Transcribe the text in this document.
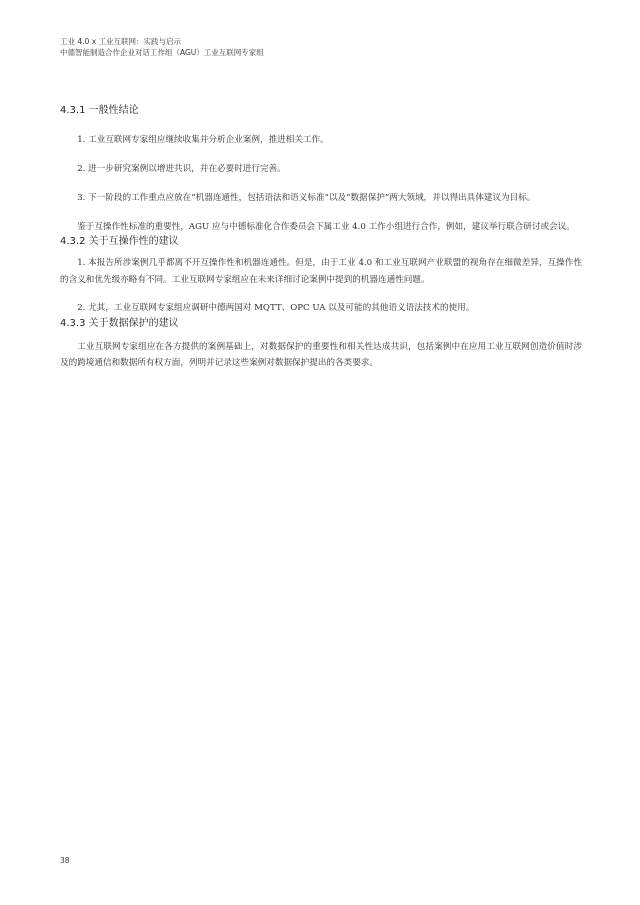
工业 4.0 x 工业互联网：实践与启示
中德智能制造合作企业对话工作组（AGU）工业互联网专家组
4.3.1 一般性结论

1. 工业互联网专家组应继续收集并分析企业案例，推进相关工作。

2. 进一步研究案例以增进共识，并在必要时进行完善。

3. 下一阶段的工作重点应放在“机器连通性，包括语法和语义标准”以及“数据保护”两大领域，并以得出具体建议为目标。

鉴于互操作性标准的重要性，AGU 应与中德标准化合作委员会下属工业 4.0 工作小组进行合作，例如，建议举行联合研讨或会议。

4.3.2 关于互操作性的建议

1. 本报告所涉案例几乎都离不开互操作性和机器连通性。但是，由于工业 4.0 和工业互联网产业联盟的视角存在细微差异，互操作性的含义和优先级亦略有不同。工业互联网专家组应在未来详细讨论案例中提到的机器连通性问题。

2. 尤其，工业互联网专家组应调研中德两国对 MQTT、OPC UA 以及可能的其他语义语法技术的使用。

4.3.3 关于数据保护的建议

工业互联网专家组应在各方提供的案例基础上，对数据保护的重要性和相关性达成共识，包括案例中在应用工业互联网创造价值时涉及的跨境通信和数据所有权方面，列明并记录这些案例对数据保护提出的各类要求。

38
